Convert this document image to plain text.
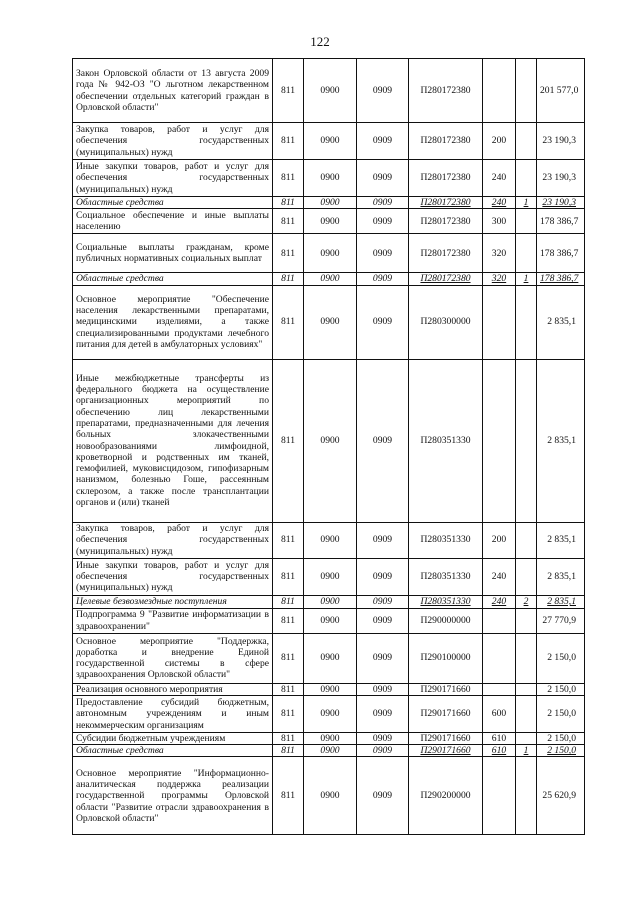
122
Закон Орловской области от 13 августа 2009 года № 942-ОЗ "О льготном лекарственном обеспечении отдельных категорий граждан в Орловской области"	811	0900	0909	П280172380			201 577,0
Закупка товаров, работ и услуг для обеспечения государственных (муниципальных) нужд	811	0900	0909	П280172380	200		23 190,3
Иные закупки товаров, работ и услуг для обеспечения государственных (муниципальных) нужд	811	0900	0909	П280172380	240		23 190,3
Областные средства	811	0900	0909	П280172380	240	1	23 190,3
Социальное обеспечение и иные выплаты населению	811	0900	0909	П280172380	300		178 386,7
Социальные выплаты гражданам, кроме публичных нормативных социальных выплат	811	0900	0909	П280172380	320		178 386,7
Областные средства	811	0900	0909	П280172380	320	1	178 386,7
Основное мероприятие "Обеспечение населения лекарственными препаратами, медицинскими изделиями, а также специализированными продуктами лечебного питания для детей в амбулаторных условиях"	811	0900	0909	П280300000			2 835,1
Иные межбюджетные трансферты из федерального бюджета на осуществление организационных мероприятий по обеспечению лиц лекарственными препаратами, предназначенными для лечения больных злокачественными новообразованиями лимфоидной, кроветворной и родственных им тканей, гемофилией, муковисцидозом, гипофизарным нанизмом, болезнью Гоше, рассеянным склерозом, а также после трансплантации органов и (или) тканей	811	0900	0909	П280351330			2 835,1
Закупка товаров, работ и услуг для обеспечения государственных (муниципальных) нужд	811	0900	0909	П280351330	200		2 835,1
Иные закупки товаров, работ и услуг для обеспечения государственных (муниципальных) нужд	811	0900	0909	П280351330	240		2 835,1
Целевые безвозмездные поступления	811	0900	0909	П280351330	240	2	2 835,1
Подпрограмма 9 "Развитие информатизации в здравоохранении"	811	0900	0909	П290000000			27 770,9
Основное мероприятие "Поддержка, доработка и внедрение Единой государственной системы в сфере здравоохранения Орловской области"	811	0900	0909	П290100000			2 150,0
Реализация основного мероприятия	811	0900	0909	П290171660			2 150,0
Предоставление субсидий бюджетным, автономным учреждениям и иным некоммерческим организациям	811	0900	0909	П290171660	600		2 150,0
Субсидии бюджетным учреждениям	811	0900	0909	П290171660	610		2 150,0
Областные средства	811	0900	0909	П290171660	610	1	2 150,0
Основное мероприятие "Информационно-аналитическая поддержка реализации государственной программы Орловской области "Развитие отрасли здравоохранения в Орловской области"	811	0900	0909	П290200000			25 620,9
